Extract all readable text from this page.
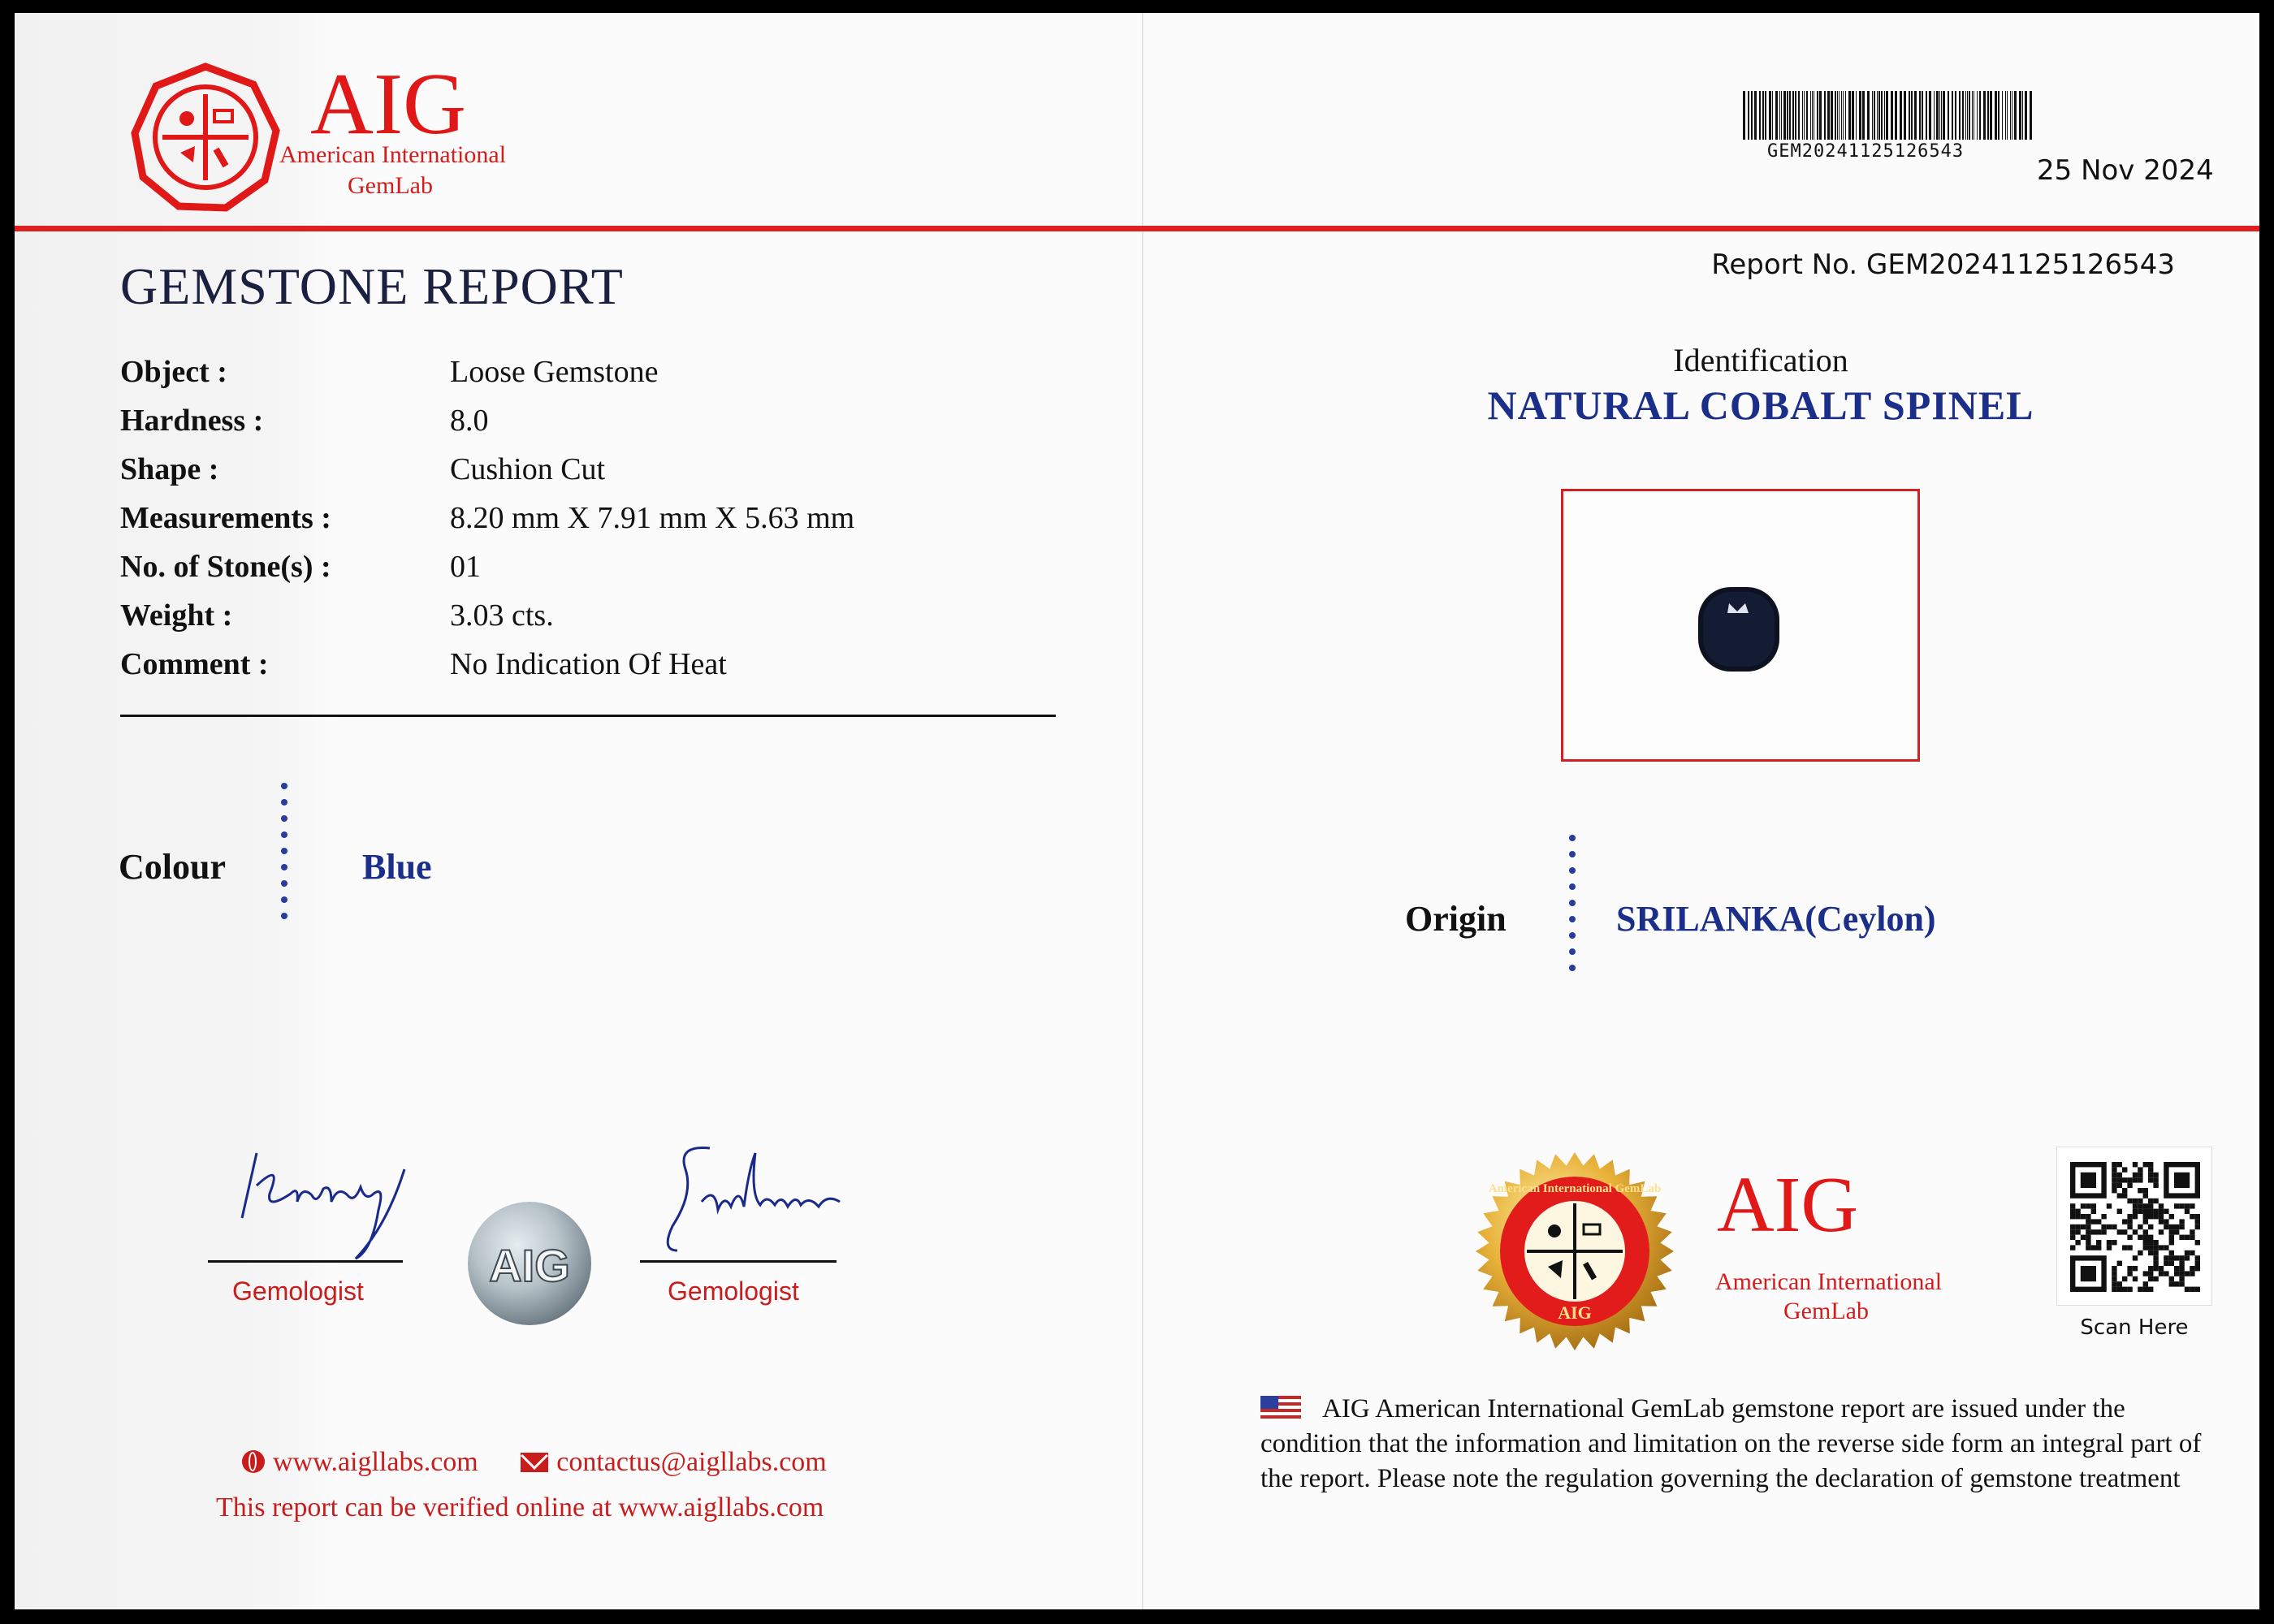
AIG
American International
GemLab
GEM20241125126543
25 Nov 2024
Report No. GEM20241125126543
GEMSTONE REPORT
Object :	Loose Gemstone
Hardness :	8.0
Shape :	Cushion Cut
Measurements :	8.20 mm X 7.91 mm X 5.63 mm
No. of Stone(s) :	01
Weight :	3.03 cts.
Comment :	No Indication Of Heat
Colour	Blue
Identification
NATURAL COBALT SPINEL
Origin	SRILANKA(Ceylon)
Gemologist	AIG	Gemologist
American International GemLab
AIG
AIG
American International
GemLab
Scan Here
AIG American International GemLab gemstone report are issued under the condition that the information and limitation on the reverse side form an integral part of the report. Please note the regulation governing the declaration of gemstone treatment
www.aigllabs.com	contactus@aigllabs.com
This report can be verified online at www.aigllabs.com
